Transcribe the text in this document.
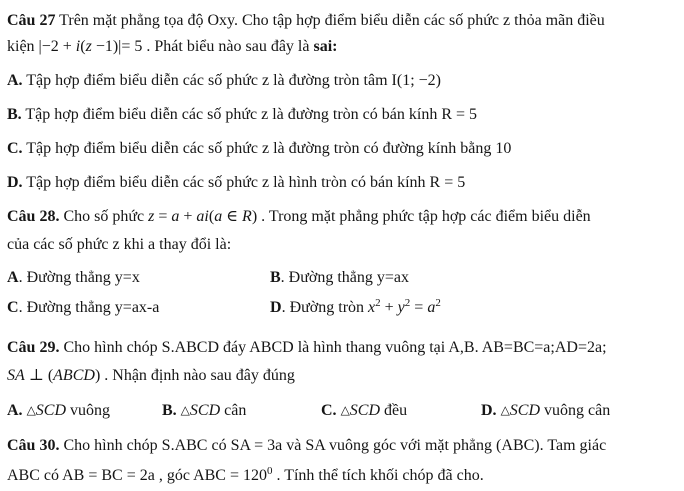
Câu 27 Trên mặt phẳng tọa độ Oxy. Cho tập hợp điểm biểu diễn các số phức z thỏa mãn điều
kiện |−2 + i(z −1)|= 5 . Phát biểu nào sau đây là sai:
A. Tập hợp điểm biểu diễn các số phức z là đường tròn tâm I(1; −2)
B. Tập hợp điểm biểu diễn các số phức z là đường tròn có bán kính R = 5
C. Tập hợp điểm biểu diễn các số phức z là đường tròn có đường kính bằng 10
D. Tập hợp điểm biểu diễn các số phức z là hình tròn có bán kính R = 5
Câu 28. Cho số phức z = a + ai(a ∈ R) . Trong mặt phẳng phức tập hợp các điểm biểu diễn
của các số phức z khi a thay đổi là:
A. Đường thẳng y=x	B. Đường thẳng y=ax
C. Đường thẳng y=ax-a	D. Đường tròn $x^2 + y^2 = a^2$
Câu 29. Cho hình chóp S.ABCD đáy ABCD là hình thang vuông tại A,B. AB=BC=a;AD=2a;
SA ⊥ (ABCD) . Nhận định nào sau đây đúng
A. △SCD vuông	B. △SCD cân	C. △SCD đều	D. △SCD vuông cân
Câu 30. Cho hình chóp S.ABC có SA = 3a và SA vuông góc với mặt phẳng (ABC). Tam giác
ABC có AB = BC = 2a , góc ABC = $120^0$ . Tính thể tích khối chóp đã cho.
